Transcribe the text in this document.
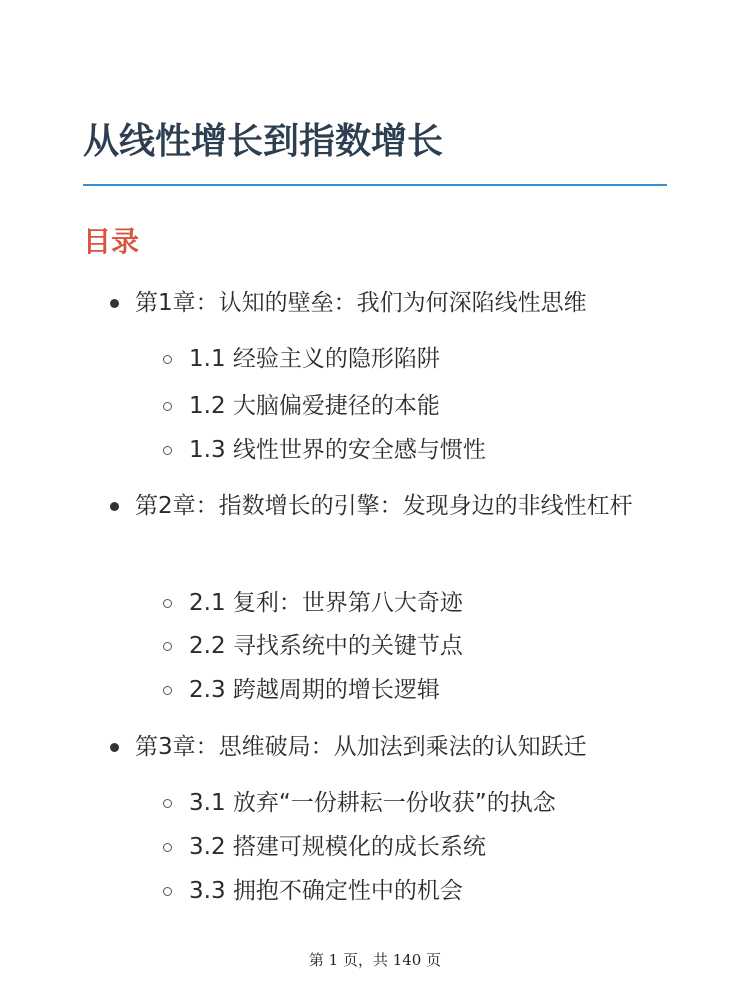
从线性增长到指数增长
目录
第1章：认知的壁垒：我们为何深陷线性思维
1.1 经验主义的隐形陷阱
1.2 大脑偏爱捷径的本能
1.3 线性世界的安全感与惯性
第2章：指数增长的引擎：发现身边的非线性杠杆
2.1 复利：世界第八大奇迹
2.2 寻找系统中的关键节点
2.3 跨越周期的增长逻辑
第3章：思维破局：从加法到乘法的认知跃迁
3.1 放弃“一份耕耘一份收获”的执念
3.2 搭建可规模化的成长系统
3.3 拥抱不确定性中的机会
第 1 页，共 140 页
